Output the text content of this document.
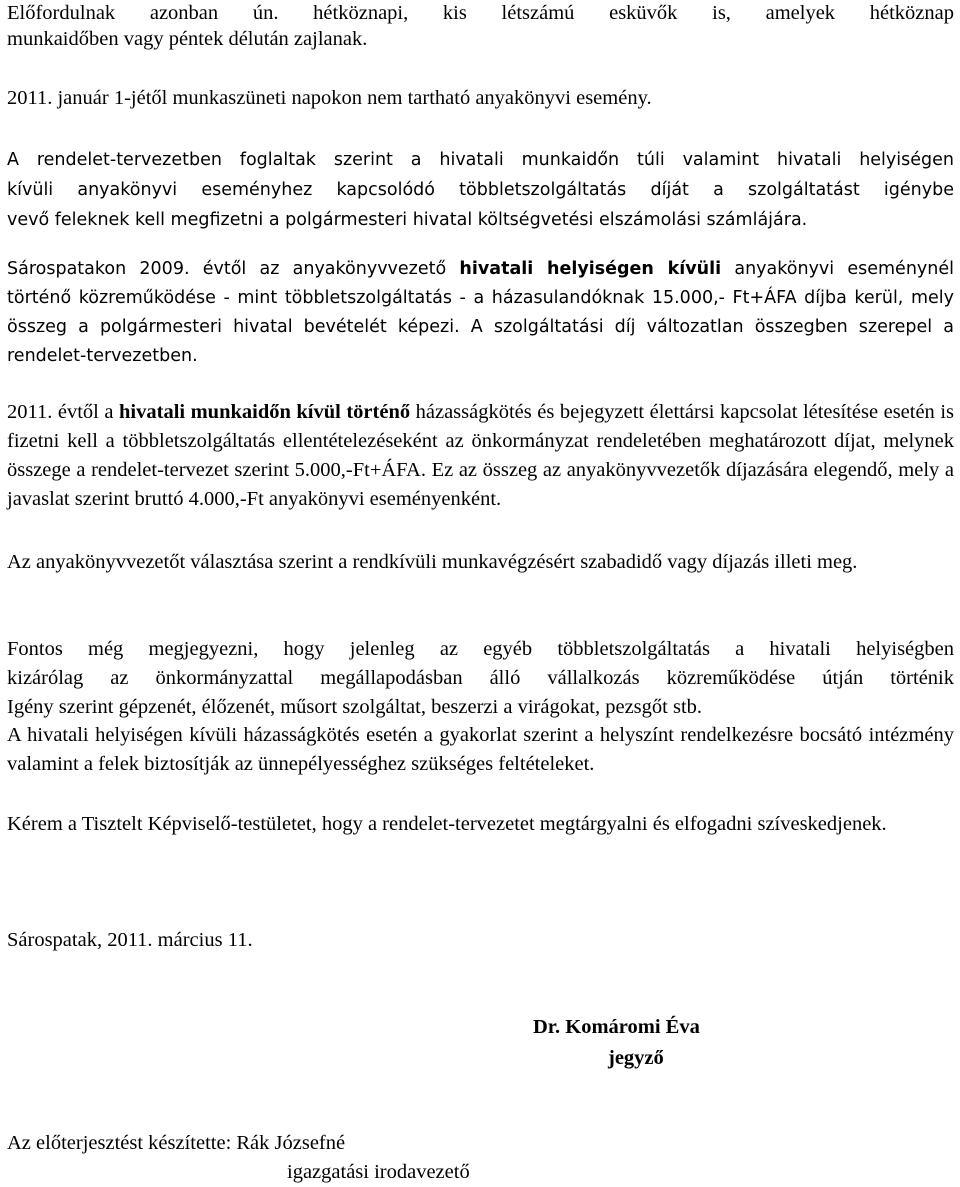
Előfordulnak azonban ún. hétköznapi, kis létszámú esküvők is, amelyek hétköznap
munkaidőben vagy péntek délután zajlanak.

2011. január 1-jétől munkaszüneti napokon nem tartható anyakönyvi esemény.

A rendelet-tervezetben foglaltak szerint a hivatali munkaidőn túli valamint hivatali helyiségen
kívüli anyakönyvi eseményhez kapcsolódó többletszolgáltatás díját a szolgáltatást igénybe
vevő feleknek kell megfizetni a polgármesteri hivatal költségvetési elszámolási számlájára.

Sárospatakon 2009. évtől az anyakönyvvezető hivatali helyiségen kívüli anyakönyvi eseménynél történő közreműködése - mint többletszolgáltatás - a házasulandóknak 15.000,- Ft+ÁFA díjba kerül, mely összeg a polgármesteri hivatal bevételét képezi. A szolgáltatási díj változatlan összegben szerepel a rendelet-tervezetben.

2011. évtől a hivatali munkaidőn kívül történő házasságkötés és bejegyzett élettársi kapcsolat létesítése esetén is fizetni kell a többletszolgáltatás ellentételezéseként az önkormányzat rendeletében meghatározott díjat, melynek összege a rendelet-tervezet szerint 5.000,-Ft+ÁFA. Ez az összeg az anyakönyvvezetők díjazására elegendő, mely a javaslat szerint bruttó 4.000,-Ft anyakönyvi eseményenként.

Az anyakönyvvezetőt választása szerint a rendkívüli munkavégzésért szabadidő vagy díjazás illeti meg.

Fontos még megjegyezni, hogy jelenleg az egyéb többletszolgáltatás a hivatali helyiségben
kizárólag az önkormányzattal megállapodásban álló vállalkozás közreműködése útján történik
Igény szerint gépzenét, élőzenét, műsort szolgáltat, beszerzi a virágokat, pezsgőt stb.

A hivatali helyiségen kívüli házasságkötés esetén a gyakorlat szerint a helyszínt rendelkezésre bocsátó intézmény valamint a felek biztosítják az ünnepélyességhez szükséges feltételeket.

Kérem a Tisztelt Képviselő-testületet, hogy a rendelet-tervezetet megtárgyalni és elfogadni szíveskedjenek.

Sárospatak, 2011. március 11.

Dr. Komáromi Éva
jegyző
Az előterjesztést készítette: Rák Józsefné
igazgatási irodavezető
